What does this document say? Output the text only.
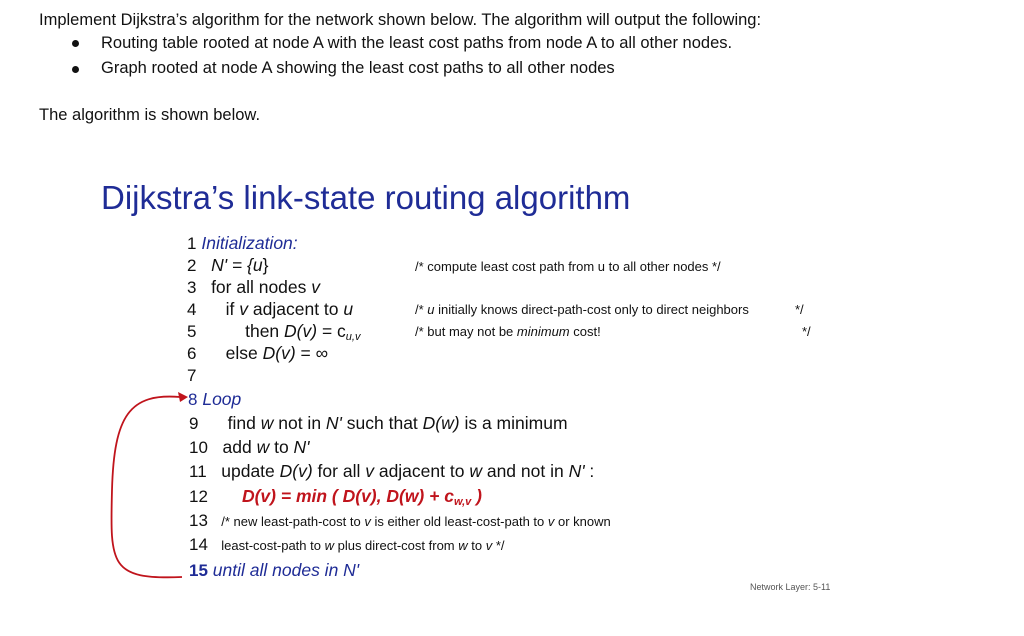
Implement Dijkstra’s algorithm for the network shown below. The algorithm will output the following:
Routing table rooted at node A with the least cost paths from node A to all other nodes.
Graph rooted at node A showing the least cost paths to all other nodes
The algorithm is shown below.
Dijkstra’s link-state routing algorithm
1 Initialization:
2 N' = {u}	/* compute least cost path from u to all other nodes */
3 for all nodes v
4 if v adjacent to u	/* u initially knows direct-path-cost only to direct neighbors	*/
5	then $D(v) = c_{u,v}$	/* but may not be minimum cost!	*/
6 else D(v) = ∞
7
8 Loop
9 find w not in N' such that D(w) is a minimum
10 add w to N'
11 update D(v) for all v adjacent to w and not in N' :
12 D(v) = min ( D(v), $D(w) + c_{w,v}$ )
13 /* new least-path-cost to v is either old least-cost-path to v or known
14 least-cost-path to w plus direct-cost from w to v */
15 until all nodes in N'
Network Layer: 5-11
